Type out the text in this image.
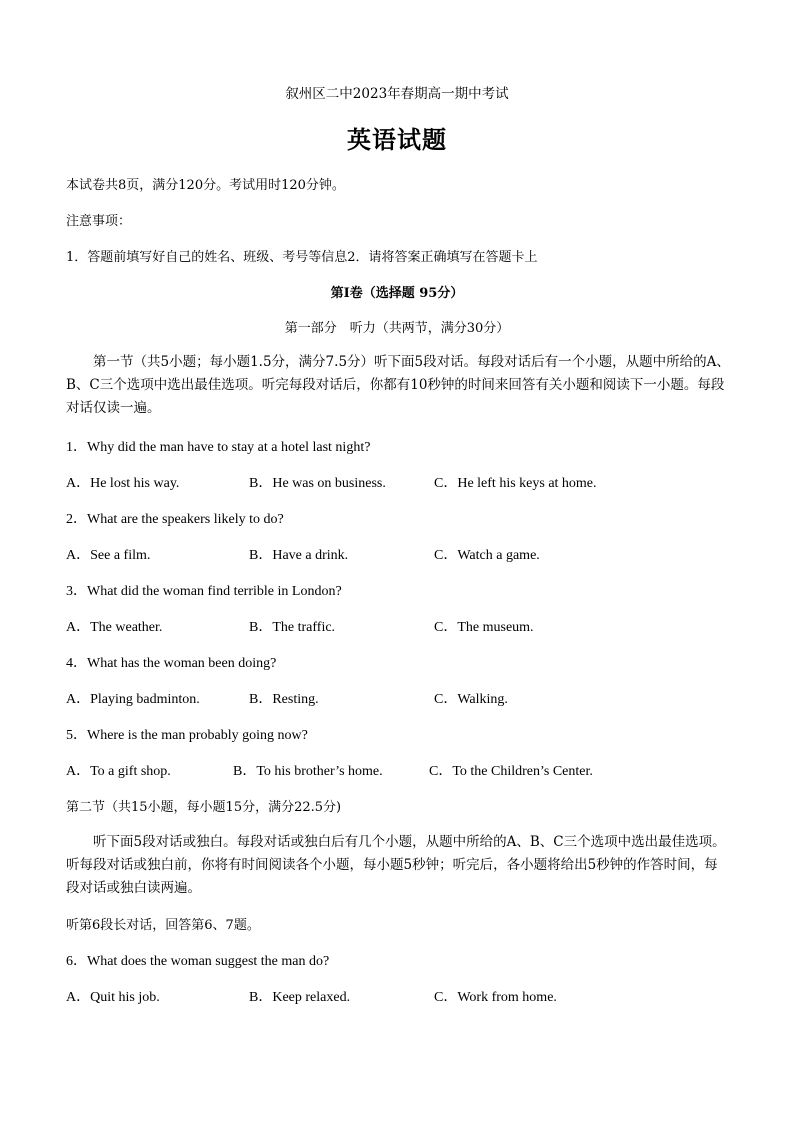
叙州区二中2023年春期高一期中考试
英语试题
本试卷共8页，满分120分。考试用时120分钟。
注意事项：
1．答题前填写好自己的姓名、班级、考号等信息2．请将答案正确填写在答题卡上
第I卷（选择题 95分）
第一部分　听力（共两节，满分30分）
第一节（共5小题；每小题1.5分，满分7.5分）听下面5段对话。每段对话后有一个小题，从题中所给的A、B、C三个选项中选出最佳选项。听完每段对话后，你都有10秒钟的时间来回答有关小题和阅读下一小题。每段对话仅读一遍。
1．Why did the man have to stay at a hotel last night?
A．He lost his way.	B．He was on business.	C．He left his keys at home.
2．What are the speakers likely to do?
A．See a film.	B．Have a drink.	C．Watch a game.
3．What did the woman find terrible in London?
A．The weather.	B．The traffic.	C．The museum.
4．What has the woman been doing?
A．Playing badminton.	B．Resting.	C．Walking.
5．Where is the man probably going now?
A．To a gift shop.	B．To his brother’s home.	C．To the Children’s Center.
第二节（共15小题，每小题15分，满分22.5分)
听下面5段对话或独白。每段对话或独白后有几个小题，从题中所给的A、B、C三个选项中选出最佳选项。听每段对话或独白前，你将有时间阅读各个小题，每小题5秒钟；听完后，各小题将给出5秒钟的作答时间，每段对话或独白读两遍。
听第6段长对话，回答第6、7题。
6．What does the woman suggest the man do?
A．Quit his job.	B．Keep relaxed.	C．Work from home.
